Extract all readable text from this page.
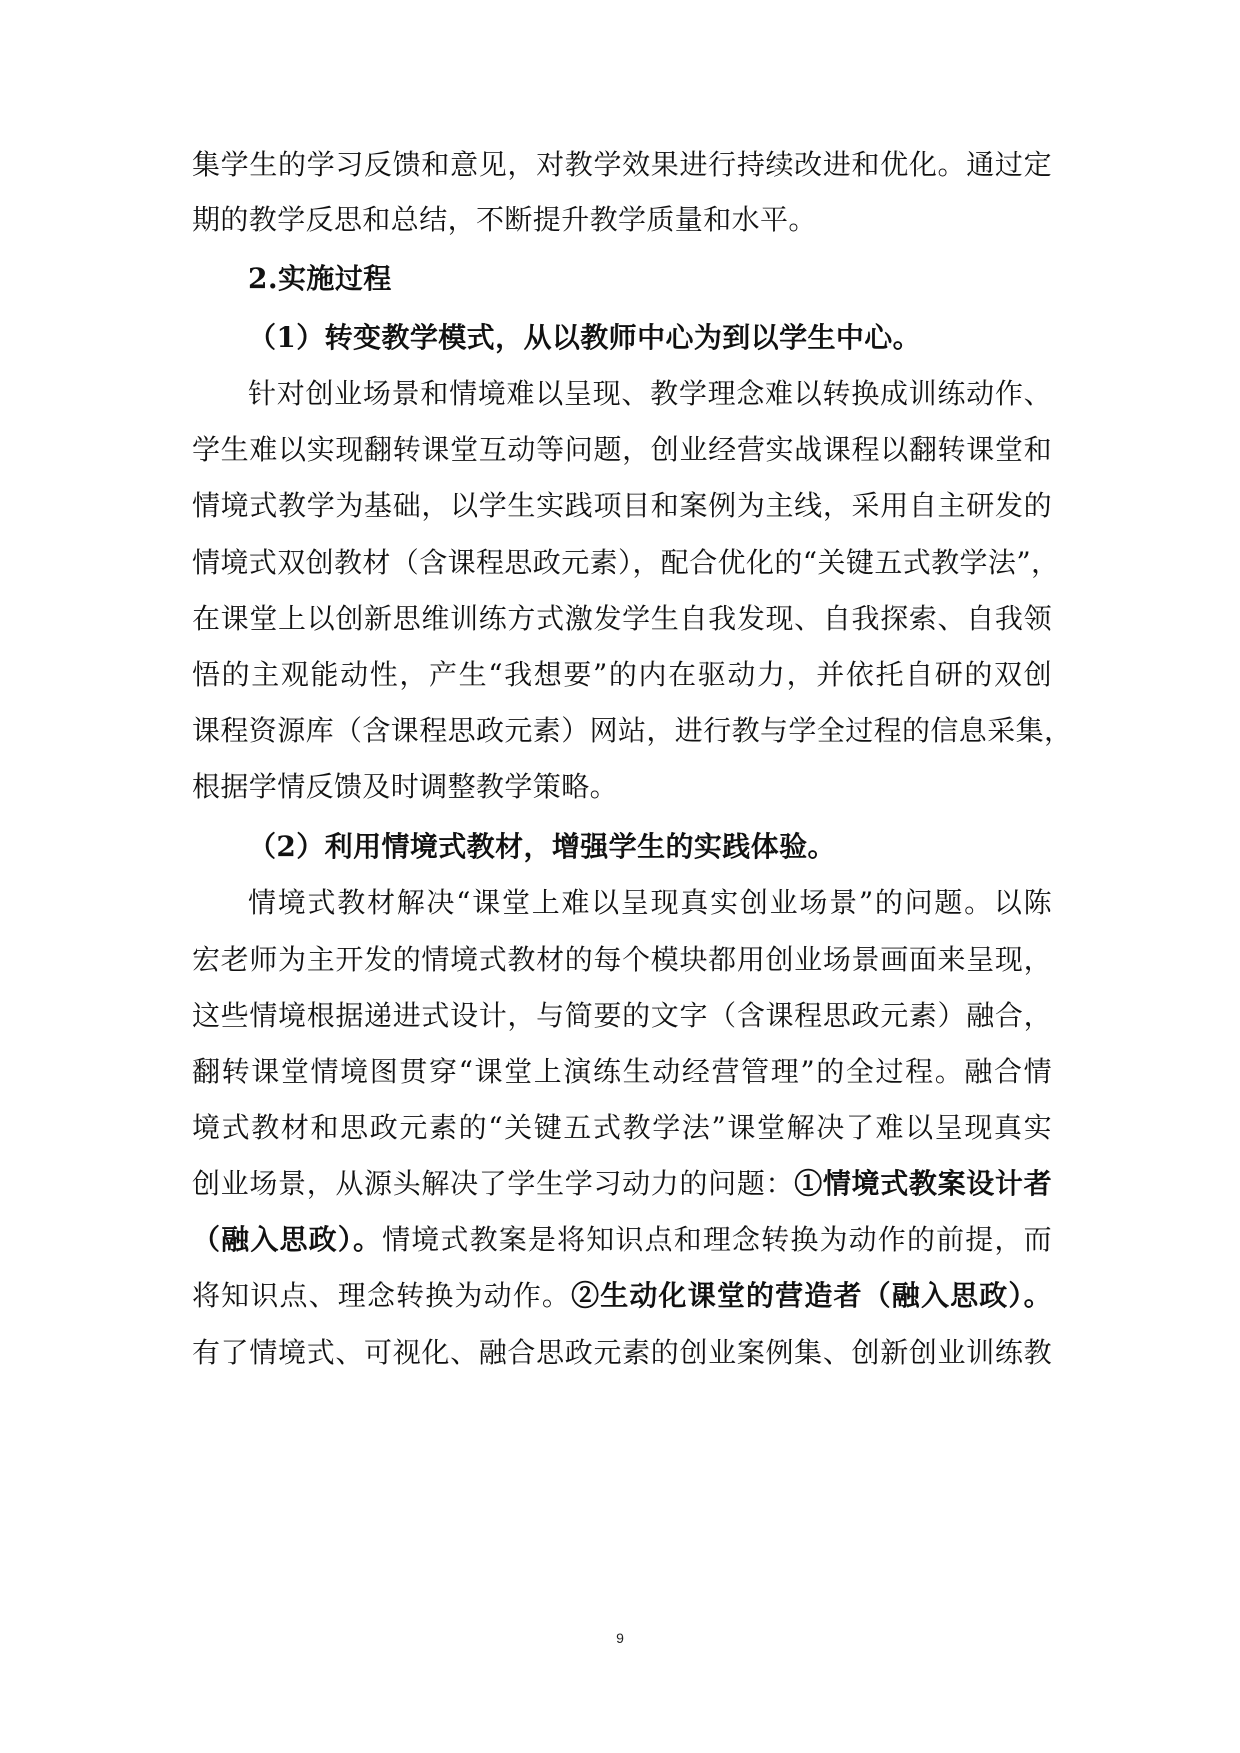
集学生的学习反馈和意见，对教学效果进行持续改进和优化。通过定
期的教学反思和总结，不断提升教学质量和水平。
2.实施过程
（1）转变教学模式，从以教师中心为到以学生中心。
针对创业场景和情境难以呈现、教学理念难以转换成训练动作、
学生难以实现翻转课堂互动等问题，创业经营实战课程以翻转课堂和
情境式教学为基础，以学生实践项目和案例为主线，采用自主研发的
情境式双创教材（含课程思政元素），配合优化的“关键五式教学法”，
在课堂上以创新思维训练方式激发学生自我发现、自我探索、自我领
悟的主观能动性，产生“我想要”的内在驱动力，并依托自研的双创
课程资源库（含课程思政元素）网站，进行教与学全过程的信息采集，
根据学情反馈及时调整教学策略。
（2）利用情境式教材，增强学生的实践体验。
情境式教材解决“课堂上难以呈现真实创业场景”的问题。以陈
宏老师为主开发的情境式教材的每个模块都用创业场景画面来呈现，
这些情境根据递进式设计，与简要的文字（含课程思政元素）融合，
翻转课堂情境图贯穿“课堂上演练生动经营管理”的全过程。融合情
境式教材和思政元素的“关键五式教学法”课堂解决了难以呈现真实
创业场景，从源头解决了学生学习动力的问题：①情境式教案设计者
（融入思政）。情境式教案是将知识点和理念转换为动作的前提，而
将知识点、理念转换为动作。②生动化课堂的营造者（融入思政）。
有了情境式、可视化、融合思政元素的创业案例集、创新创业训练教
9
